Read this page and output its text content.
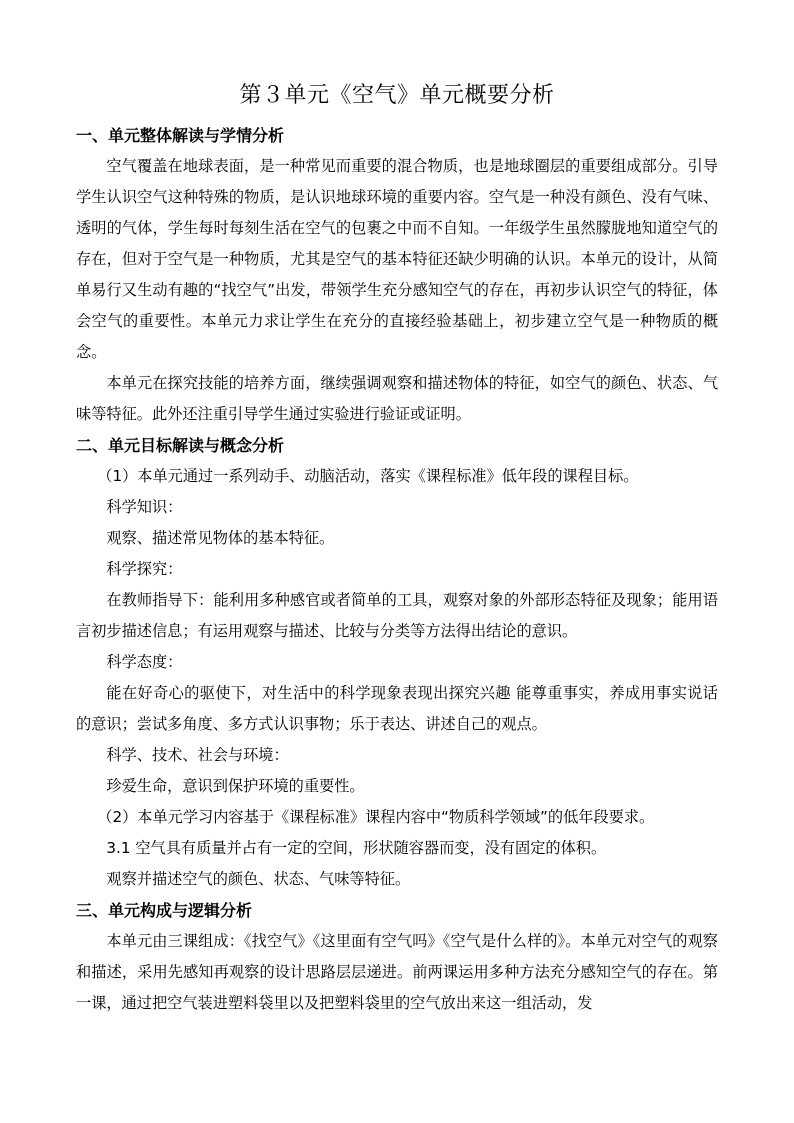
第３单元《空气》单元概要分析

一、单元整体解读与学情分析

空气覆盖在地球表面，是一种常见而重要的混合物质，也是地球圈层的重要组成部分。引导学生认识空气这种特殊的物质，是认识地球环境的重要内容。空气是一种没有颜色、没有气味、透明的气体，学生每时每刻生活在空气的包裹之中而不自知。一年级学生虽然朦胧地知道空气的存在，但对于空气是一种物质，尤其是空气的基本特征还缺少明确的认识。本单元的设计，从简单易行又生动有趣的“找空气”出发，带领学生充分感知空气的存在，再初步认识空气的特征，体会空气的重要性。本单元力求让学生在充分的直接经验基础上，初步建立空气是一种物质的概念。

本单元在探究技能的培养方面，继续强调观察和描述物体的特征，如空气的颜色、状态、气味等特征。此外还注重引导学生通过实验进行验证或证明。

二、单元目标解读与概念分析

（1）本单元通过一系列动手、动脑活动，落实《课程标准》低年段的课程目标。

科学知识：

观察、描述常见物体的基本特征。

科学探究：

在教师指导下：能利用多种感官或者简单的工具，观察对象的外部形态特征及现象；能用语言初步描述信息；有运用观察与描述、比较与分类等方法得出结论的意识。

科学态度：

能在好奇心的驱使下，对生活中的科学现象表现出探究兴趣 能尊重事实，养成用事实说话的意识；尝试多角度、多方式认识事物；乐于表达、讲述自己的观点。

科学、技术、社会与环境：

珍爱生命，意识到保护环境的重要性。

（2）本单元学习内容基于《课程标准》课程内容中“物质科学领域”的低年段要求。

3.1 空气具有质量并占有一定的空间，形状随容器而变，没有固定的体积。

观察并描述空气的颜色、状态、气味等特征。

三、单元构成与逻辑分析

本单元由三课组成：《找空气》《这里面有空气吗》《空气是什么样的》。本单元对空气的观察和描述，采用先感知再观察的设计思路层层递进。前两课运用多种方法充分感知空气的存在。第一课，通过把空气装进塑料袋里以及把塑料袋里的空气放出来这一组活动，发
